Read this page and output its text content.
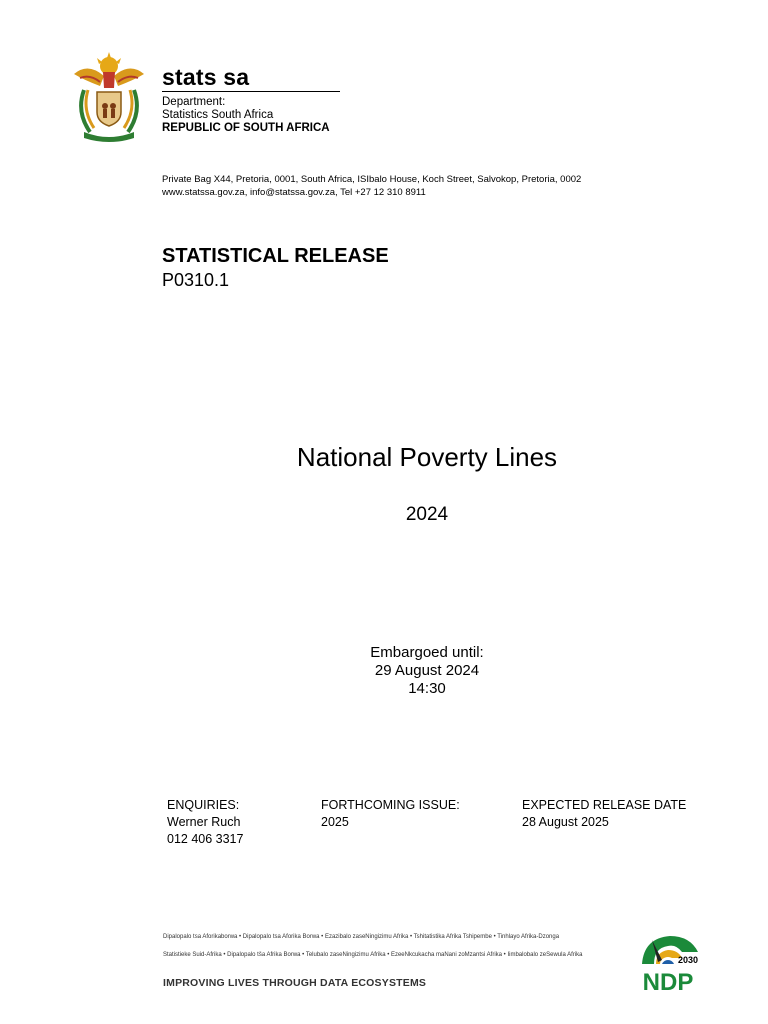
stats sa
Department:
Statistics South Africa
REPUBLIC OF SOUTH AFRICA
Private Bag X44, Pretoria, 0001, South Africa, ISIbalo House, Koch Street, Salvokop, Pretoria, 0002
www.statssa.gov.za, info@statssa.gov.za, Tel +27 12 310 8911
STATISTICAL RELEASE
P0310.1
National Poverty Lines
2024
Embargoed until:
29 August 2024
14:30
ENQUIRIES:
Werner Ruch
012 406 3317
FORTHCOMING ISSUE:
2025
EXPECTED RELEASE DATE
28 August 2025
Dipalopalo tsa Aforikaborwa • Dipalopalo tsa Aforika Borwa • Ezazibalo zaseNingizimu Afrika • Tshitatistika Afrika Tshipembe • Tinhlayo Afrika-Dzonga
Statistieke Suid-Afrika • Dipalopalo tša Afrika Borwa • Telubalo zaseNingizimu Afrika • EzeeNkcukacha maNani zoMzantsi Afrika • Iimbalobalo zeSewula Afrika
IMPROVING LIVES THROUGH DATA ECOSYSTEMS
2030
NDP
